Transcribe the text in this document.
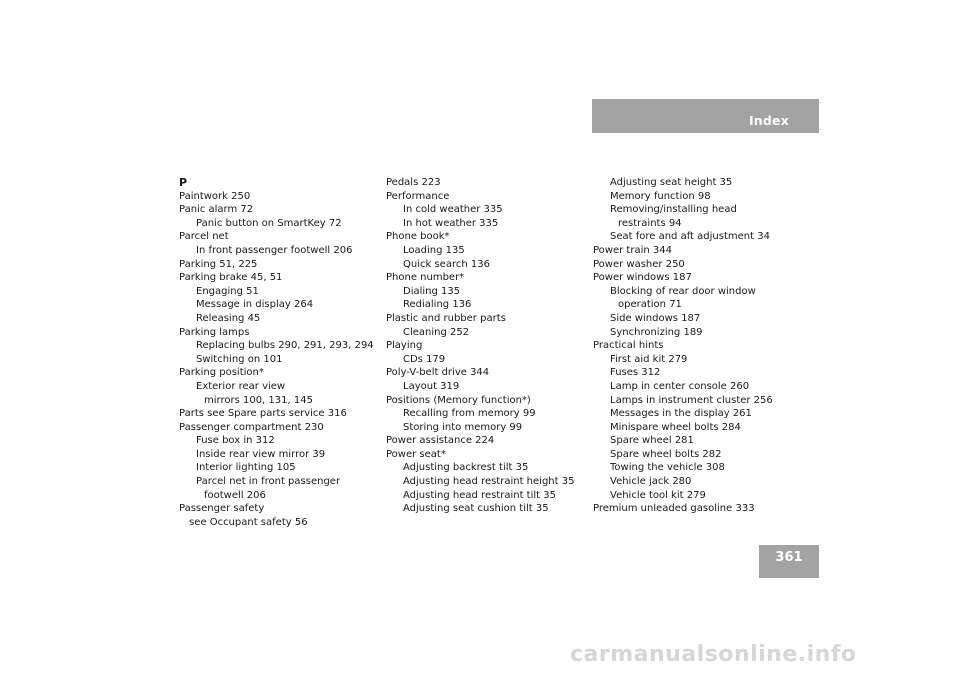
Index
P
Paintwork 250
Panic alarm 72
Panic button on SmartKey 72
Parcel net
In front passenger footwell 206
Parking 51, 225
Parking brake 45, 51
Engaging 51
Message in display 264
Releasing 45
Parking lamps
Replacing bulbs 290, 291, 293, 294
Switching on 101
Parking position*
Exterior rear view
mirrors 100, 131, 145
Parts see Spare parts service 316
Passenger compartment 230
Fuse box in 312
Inside rear view mirror 39
Interior lighting 105
Parcel net in front passenger
footwell 206
Passenger safety
see Occupant safety 56
Pedals 223
Performance
In cold weather 335
In hot weather 335
Phone book*
Loading 135
Quick search 136
Phone number*
Dialing 135
Redialing 136
Plastic and rubber parts
Cleaning 252
Playing
CDs 179
Poly-V-belt drive 344
Layout 319
Positions (Memory function*)
Recalling from memory 99
Storing into memory 99
Power assistance 224
Power seat*
Adjusting backrest tilt 35
Adjusting head restraint height 35
Adjusting head restraint tilt 35
Adjusting seat cushion tilt 35
Adjusting seat height 35
Memory function 98
Removing/installing head
restraints 94
Seat fore and aft adjustment 34
Power train 344
Power washer 250
Power windows 187
Blocking of rear door window
operation 71
Side windows 187
Synchronizing 189
Practical hints
First aid kit 279
Fuses 312
Lamp in center console 260
Lamps in instrument cluster 256
Messages in the display 261
Minispare wheel bolts 284
Spare wheel 281
Spare wheel bolts 282
Towing the vehicle 308
Vehicle jack 280
Vehicle tool kit 279
Premium unleaded gasoline 333
361
carmanualsonline.info
